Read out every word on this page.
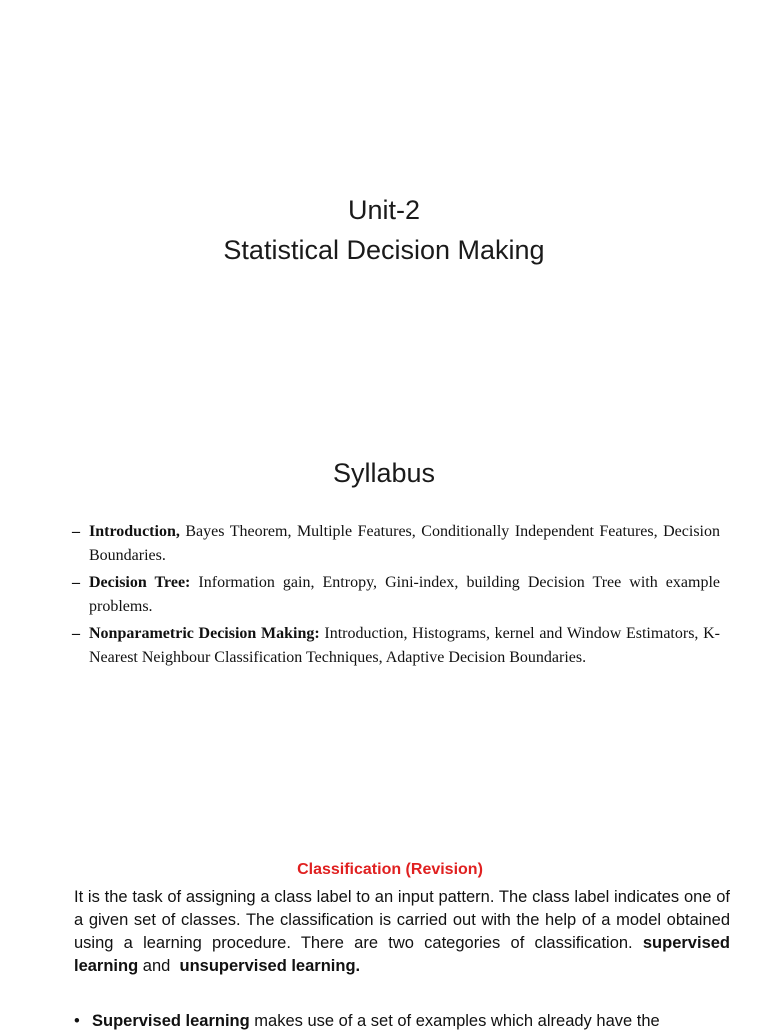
Unit-2
Statistical Decision Making
Syllabus
– Introduction, Bayes Theorem, Multiple Features, Conditionally Independent Features, Decision Boundaries.
– Decision Tree: Information gain, Entropy, Gini-index, building Decision Tree with example problems.
– Nonparametric Decision Making: Introduction, Histograms, kernel and Window Estimators, K-Nearest Neighbour Classification Techniques, Adaptive Decision Boundaries.
Classification (Revision)

It is the task of assigning a class label to an input pattern. The class label indicates one of a given set of classes. The classification is carried out with the help of a model obtained using a learning procedure. There are two categories of classification. supervised learning and  unsupervised learning.

• Supervised learning makes use of a set of examples which already have the
